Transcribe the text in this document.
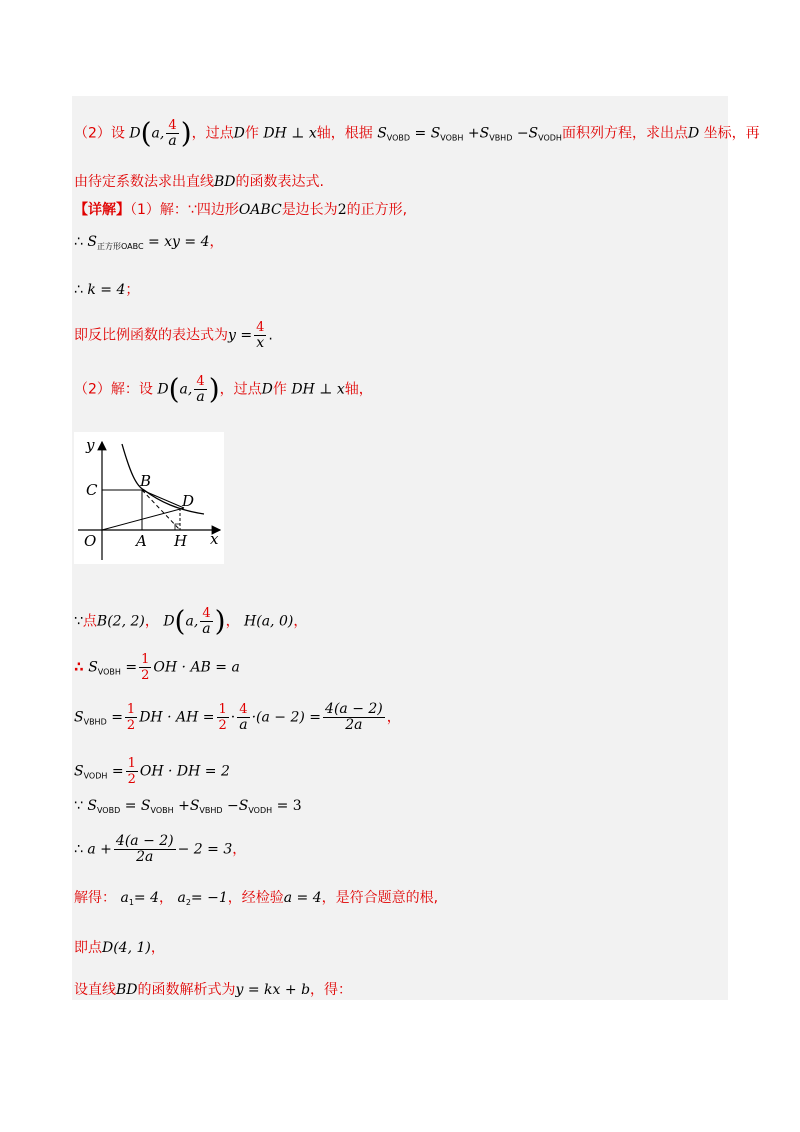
（2）设 D(a, $\frac{4}{a}$ )，过点D作 DH ⊥ x轴，根据 $S_{VOBD} = S_{VOBH} +S_{VBHD} -S_{VODH}$面积列方程，求出点D 坐标，再
由待定系数法求出直线BD的函数表达式.
【详解】（1）解：∵四边形OABC是边长为2的正方形,
∴ $S_{正方形OABC}$ = xy = 4，
∴ k = 4；
即反比例函数的表达式为$y = \frac{4}{x}$ .
（2）解：设 D(a, $\frac{4}{a}$ )，过点D作 DH ⊥ x轴，
y
x
O	A H
C	B
D
∵点B(2, 2)， D(a, $\frac{4}{a}$ )， H(a, 0)，
∴ $S_{VOBH} = \frac{1}{2}$ OH · AB = a
$S_{VBHD} = \frac{1}{2}$ DH · AH = $\frac{1}{2} \cdot \frac{4}{a} \cdot(a - 2) = \frac{4(a - 2)}{2a}$ ，
$S_{VODH} = \frac{1}{2}$ OH · DH = 2
∵ $S_{VOBD} = S_{VOBH} +S_{VBHD} -S_{VODH} = 3$
∴ $a + \frac{4(a - 2)}{2a} - 2 = 3$，
解得： $a_1= 4$， $a_2= -1$，经检验a = 4，是符合题意的根,
即点D(4, 1)，
设直线BD的函数解析式为y = kx + b，得：
